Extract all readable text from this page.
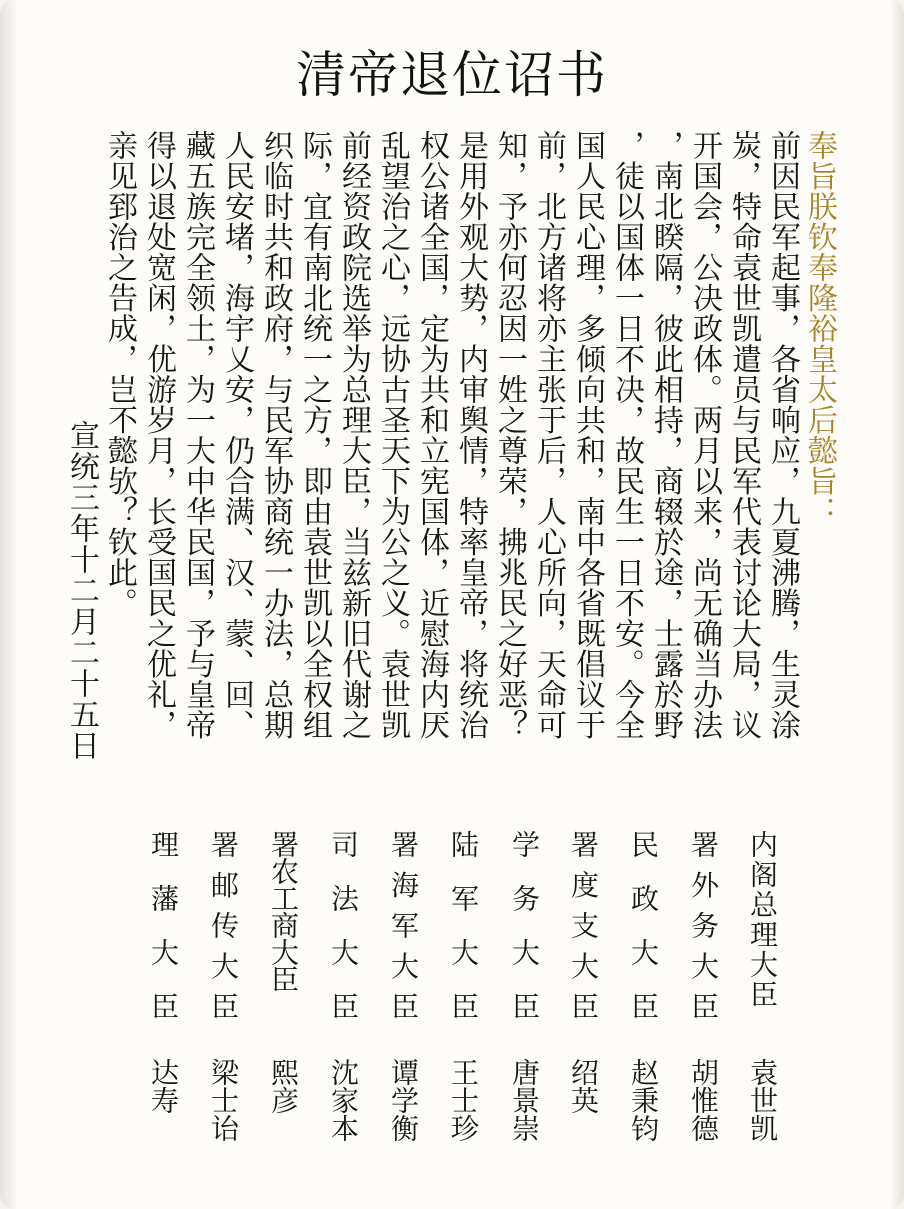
清帝退位诏书

奉旨朕钦奉隆裕皇太后懿旨：

前因民军起事，各省响应，九夏沸腾，生灵涂

炭，特命袁世凯遣员与民军代表讨论大局，议

开国会，公决政体。两月以来，尚无确当办法

，南北睽隔，彼此相持，商辍於途，士露於野

，徒以国体一日不决，故民生一日不安。今全

国人民心理，多倾向共和，南中各省既倡议于

前，北方诸将亦主张于后，人心所向，天命可

知，予亦何忍因一姓之尊荣，拂兆民之好恶？

是用外观大势，内审舆情，特率皇帝，将统治

权公诸全国，定为共和立宪国体，近慰海内厌

乱望治之心，远协古圣天下为公之义。袁世凯

前经资政院选举为总理大臣，当兹新旧代谢之

际，宜有南北统一之方，即由袁世凯以全权组

织临时共和政府，与民军协商统一办法，总期

人民安堵，海宇乂安，仍合满、汉、蒙、回、

藏五族完全领土，为一大中华民国，予与皇帝

得以退处宽闲，优游岁月，长受国民之优礼，

亲见郅治之告成，岂不懿欤？钦此。

宣统三年十二月二十五日

内阁总理大臣

署外务大臣

民政大臣

署度支大臣

学务大臣

陆军大臣

署海军大臣

司法大臣

署农工商大臣

署邮传大臣

理藩大臣

袁世凯

胡惟德

赵秉钧

绍英

唐景崇

王士珍

谭学衡

沈家本

熙彦

梁士诒

达寿
